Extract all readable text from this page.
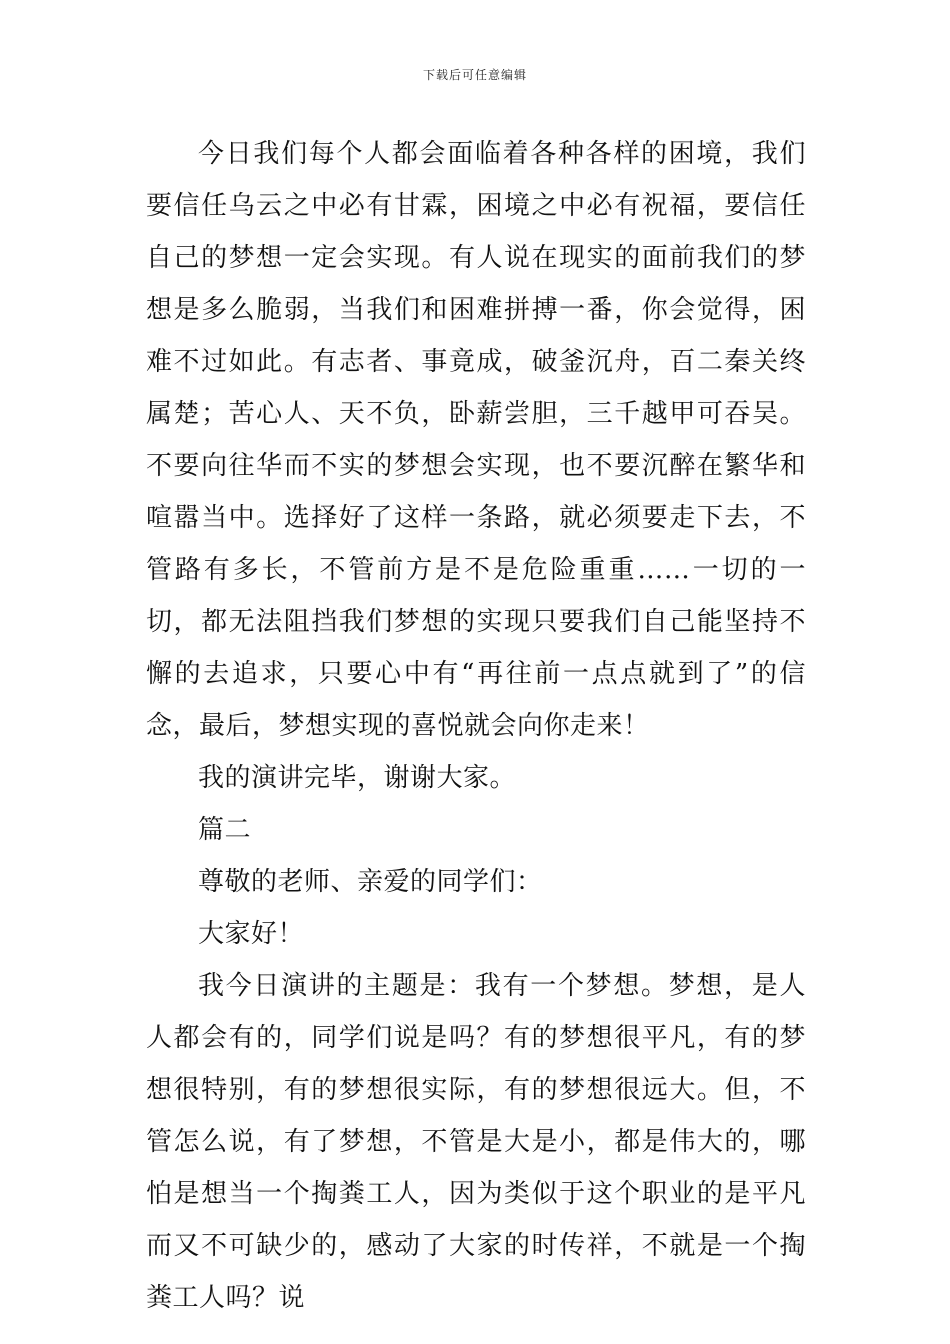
下载后可任意编辑

今日我们每个人都会面临着各种各样的困境，我们要信任乌云之中必有甘霖，困境之中必有祝福，要信任自己的梦想一定会实现。有人说在现实的面前我们的梦想是多么脆弱，当我们和困难拼搏一番，你会觉得，困难不过如此。有志者、事竟成，破釜沉舟，百二秦关终属楚；苦心人、天不负，卧薪尝胆，三千越甲可吞吴。不要向往华而不实的梦想会实现，也不要沉醉在繁华和喧嚣当中。选择好了这样一条路，就必须要走下去，不管路有多长，不管前方是不是危险重重……一切的一切，都无法阻挡我们梦想的实现只要我们自己能坚持不懈的去追求，只要心中有“再往前一点点就到了”的信念，最后，梦想实现的喜悦就会向你走来！

我的演讲完毕，谢谢大家。

篇二

尊敬的老师、亲爱的同学们：

大家好！

我今日演讲的主题是：我有一个梦想。梦想，是人人都会有的，同学们说是吗？有的梦想很平凡，有的梦想很特别，有的梦想很实际，有的梦想很远大。但，不管怎么说，有了梦想，不管是大是小，都是伟大的，哪怕是想当一个掏粪工人，因为类似于这个职业的是平凡而又不可缺少的，感动了大家的时传祥，不就是一个掏粪工人吗？说
